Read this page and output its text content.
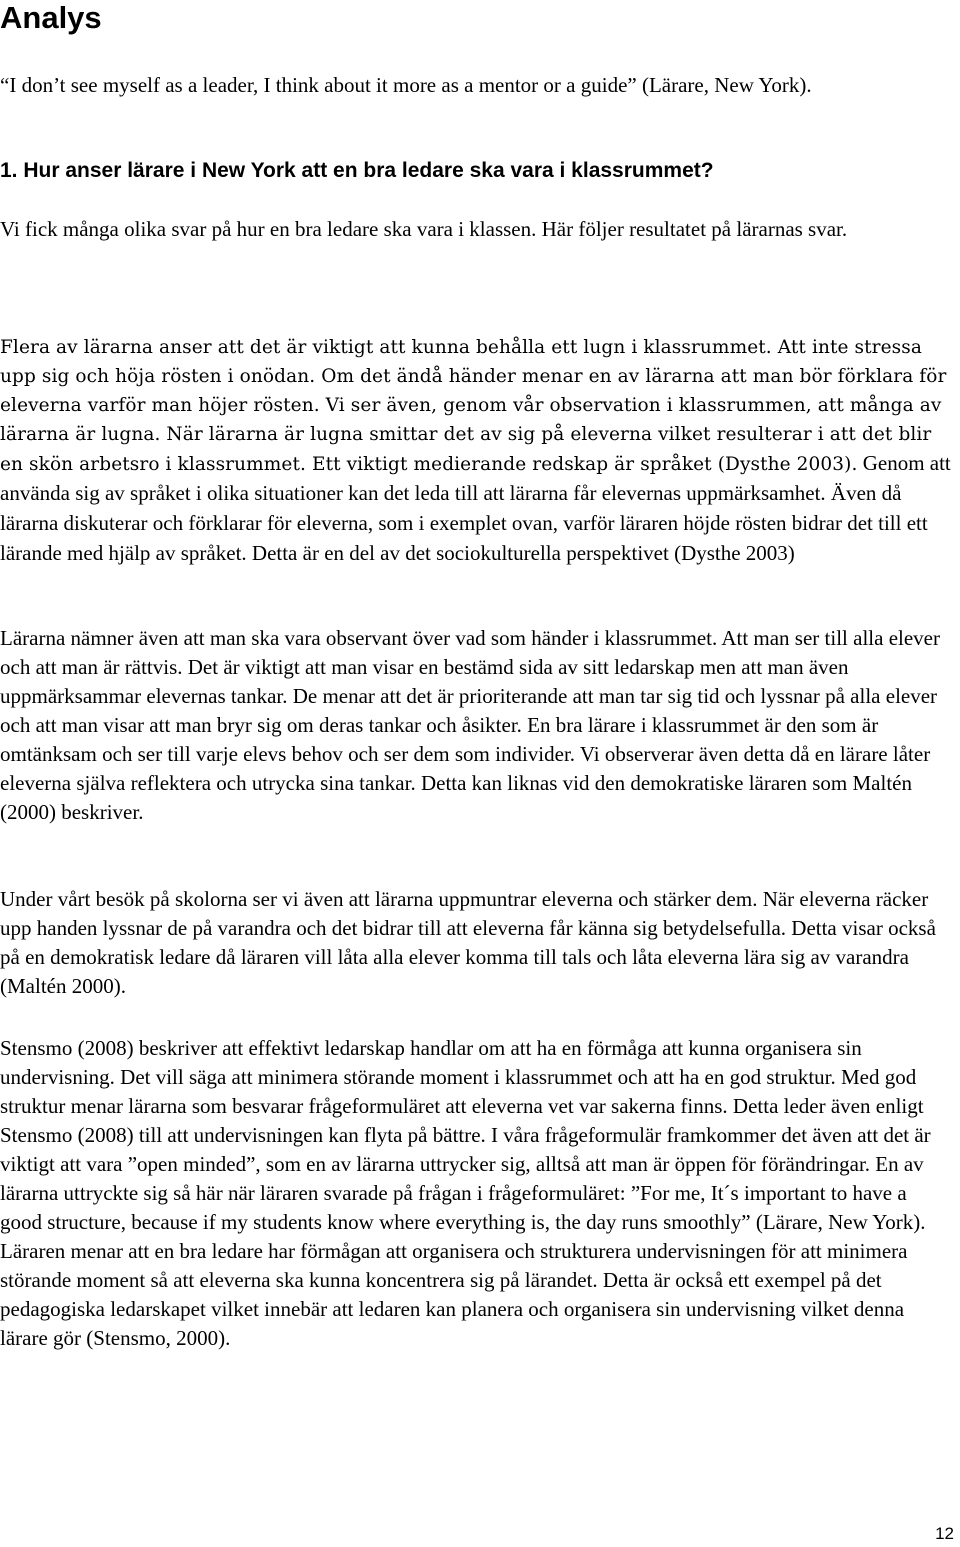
Analys

“I don’t see myself as a leader, I think about it more as a mentor or a guide” (Lärare, New York).

1. Hur anser lärare i New York att en bra ledare ska vara i klassrummet?

Vi fick många olika svar på hur en bra ledare ska vara i klassen. Här följer resultatet på lärarnas svar.

Flera av lärarna anser att det är viktigt att kunna behålla ett lugn i klassrummet. Att inte stressa upp sig och höja rösten i onödan. Om det ändå händer menar en av lärarna att man bör förklara för eleverna varför man höjer rösten. Vi ser även, genom vår observation i klassrummen, att många av lärarna är lugna. När lärarna är lugna smittar det av sig på eleverna vilket resulterar i att det blir en skön arbetsro i klassrummet. Ett viktigt medierande redskap är språket (Dysthe 2003). Genom att använda sig av språket i olika situationer kan det leda till att lärarna får elevernas uppmärksamhet. Även då lärarna diskuterar och förklarar för eleverna, som i exemplet ovan, varför läraren höjde rösten bidrar det till ett lärande med hjälp av språket. Detta är en del av det sociokulturella perspektivet (Dysthe 2003)

Lärarna nämner även att man ska vara observant över vad som händer i klassrummet. Att man ser till alla elever och att man är rättvis. Det är viktigt att man visar en bestämd sida av sitt ledarskap men att man även uppmärksammar elevernas tankar. De menar att det är prioriterande att man tar sig tid och lyssnar på alla elever och att man visar att man bryr sig om deras tankar och åsikter. En bra lärare i klassrummet är den som är omtänksam och ser till varje elevs behov och ser dem som individer. Vi observerar även detta då en lärare låter eleverna själva reflektera och utrycka sina tankar. Detta kan liknas vid den demokratiske läraren som Maltén (2000) beskriver.

Under vårt besök på skolorna ser vi även att lärarna uppmuntrar eleverna och stärker dem. När eleverna räcker upp handen lyssnar de på varandra och det bidrar till att eleverna får känna sig betydelsefulla. Detta visar också på en demokratisk ledare då läraren vill låta alla elever komma till tals och låta eleverna lära sig av varandra (Maltén 2000).

Stensmo (2008) beskriver att effektivt ledarskap handlar om att ha en förmåga att kunna organisera sin undervisning. Det vill säga att minimera störande moment i klassrummet och att ha en god struktur. Med god struktur menar lärarna som besvarar frågeformuläret att eleverna vet var sakerna finns. Detta leder även enligt Stensmo (2008) till att undervisningen kan flyta på bättre. I våra frågeformulär framkommer det även att det är viktigt att vara ”open minded”, som en av lärarna uttrycker sig, alltså att man är öppen för förändringar. En av lärarna uttryckte sig så här när läraren svarade på frågan i frågeformuläret: ”For me, It´s important to have a good structure, because if my students know where everything is, the day runs smoothly” (Lärare, New York). Läraren menar att en bra ledare har förmågan att organisera och strukturera undervisningen för att minimera störande moment så att eleverna ska kunna koncentrera sig på lärandet. Detta är också ett exempel på det pedagogiska ledarskapet vilket innebär att ledaren kan planera och organisera sin undervisning vilket denna lärare gör (Stensmo, 2000).

12
